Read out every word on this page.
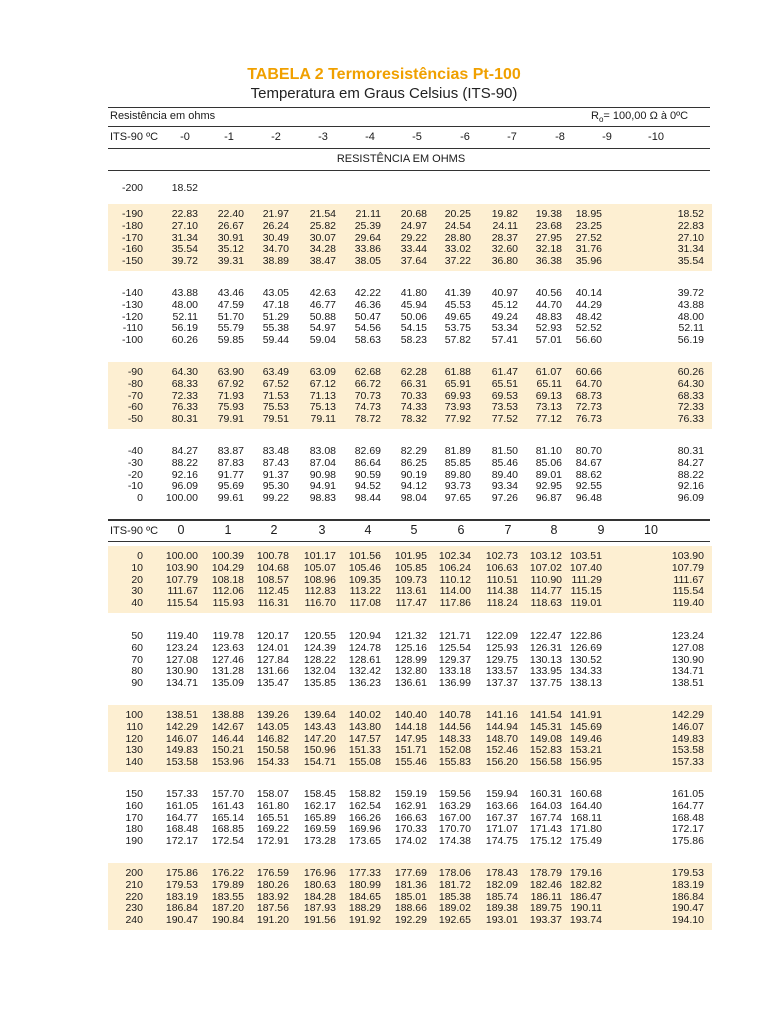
TABELA 2 Termoresistências Pt-100
Temperatura em Graus Celsius (ITS-90)
Resistência em ohms	$R_o= 100,00$ Ω à 0ºC
ITS-90 ºC	-0	-1	-2	-3	-4	-5	-6	-7	-8	-9	-10
RESISTÊNCIA EM OHMS
-200	18.52
-190	22.83	22.40	21.97	21.54	21.11	20.68	20.25	19.82	19.38	18.95	18.52
-180	27.10	26.67	26.24	25.82	25.39	24.97	24.54	24.11	23.68	23.25	22.83
-170	31.34	30.91	30.49	30.07	29.64	29.22	28.80	28.37	27.95	27.52	27.10
-160	35.54	35.12	34.70	34.28	33.86	33.44	33.02	32.60	32.18	31.76	31.34
-150	39.72	39.31	38.89	38.47	38.05	37.64	37.22	36.80	36.38	35.96	35.54
-140	43.88	43.46	43.05	42.63	42.22	41.80	41.39	40.97	40.56	40.14	39.72
-130	48.00	47.59	47.18	46.77	46.36	45.94	45.53	45.12	44.70	44.29	43.88
-120	52.11	51.70	51.29	50.88	50.47	50.06	49.65	49.24	48.83	48.42	48.00
-110	56.19	55.79	55.38	54.97	54.56	54.15	53.75	53.34	52.93	52.52	52.11
-100	60.26	59.85	59.44	59.04	58.63	58.23	57.82	57.41	57.01	56.60	56.19
-90	64.30	63.90	63.49	63.09	62.68	62.28	61.88	61.47	61.07	60.66	60.26
-80	68.33	67.92	67.52	67.12	66.72	66.31	65.91	65.51	65.11	64.70	64.30
-70	72.33	71.93	71.53	71.13	70.73	70.33	69.93	69.53	69.13	68.73	68.33
-60	76.33	75.93	75.53	75.13	74.73	74.33	73.93	73.53	73.13	72.73	72.33
-50	80.31	79.91	79.51	79.11	78.72	78.32	77.92	77.52	77.12	76.73	76.33
-40	84.27	83.87	83.48	83.08	82.69	82.29	81.89	81.50	81.10	80.70	80.31
-30	88.22	87.83	87.43	87.04	86.64	86.25	85.85	85.46	85.06	84.67	84.27
-20	92.16	91.77	91.37	90.98	90.59	90.19	89.80	89.40	89.01	88.62	88.22
-10	96.09	95.69	95.30	94.91	94.52	94.12	93.73	93.34	92.95	92.55	92.16
0	100.00	99.61	99.22	98.83	98.44	98.04	97.65	97.26	96.87	96.48	96.09
ITS-90 ºC	0	1	2	3	4	5	6	7	8	9	10
0	100.00	100.39	100.78	101.17	101.56	101.95	102.34	102.73	103.12 103.51	103.90
10	103.90	104.29	104.68	105.07	105.46	105.85	106.24	106.63	107.02 107.40	107.79
20	107.79	108.18	108.57	108.96	109.35	109.73	110.12	110.51	110.90 111.29	111.67
30	111.67	112.06	112.45	112.83	113.22	113.61	114.00	114.38	114.77 115.15	115.54
40	115.54	115.93	116.31	116.70	117.08	117.47	117.86	118.24	118.63 119.01	119.40
50	119.40	119.78	120.17	120.55	120.94	121.32	121.71	122.09	122.47 122.86	123.24
60	123.24	123.63	124.01	124.39	124.78	125.16	125.54	125.93	126.31 126.69	127.08
70	127.08	127.46	127.84	128.22	128.61	128.99	129.37	129.75	130.13 130.52	130.90
80	130.90	131.28	131.66	132.04	132.42	132.80	133.18	133.57	133.95 134.33	134.71
90	134.71	135.09	135.47	135.85	136.23	136.61	136.99	137.37	137.75 138.13	138.51
100	138.51	138.88	139.26	139.64	140.02	140.40	140.78	141.16	141.54 141.91	142.29
110	142.29	142.67	143.05	143.43	143.80	144.18	144.56	144.94	145.31 145.69	146.07
120	146.07	146.44	146.82	147.20	147.57	147.95	148.33	148.70	149.08 149.46	149.83
130	149.83	150.21	150.58	150.96	151.33	151.71	152.08	152.46	152.83 153.21	153.58
140	153.58	153.96	154.33	154.71	155.08	155.46	155.83	156.20	156.58 156.95	157.33
150	157.33	157.70	158.07	158.45	158.82	159.19	159.56	159.94	160.31 160.68	161.05
160	161.05	161.43	161.80	162.17	162.54	162.91	163.29	163.66	164.03 164.40	164.77
170	164.77	165.14	165.51	165.89	166.26	166.63	167.00	167.37	167.74 168.11	168.48
180	168.48	168.85	169.22	169.59	169.96	170.33	170.70	171.07	171.43 171.80	172.17
190	172.17	172.54	172.91	173.28	173.65	174.02	174.38	174.75	175.12 175.49	175.86
200	175.86	176.22	176.59	176.96	177.33	177.69	178.06	178.43	178.79 179.16	179.53
210	179.53	179.89	180.26	180.63	180.99	181.36	181.72	182.09	182.46 182.82	183.19
220	183.19	183.55	183.92	184.28	184.65	185.01	185.38	185.74	186.11 186.47	186.84
230	186.84	187.20	187.56	187.93	188.29	188.66	189.02	189.38	189.75 190.11	190.47
240	190.47	190.84	191.20	191.56	191.92	192.29	192.65	193.01	193.37 193.74	194.10
